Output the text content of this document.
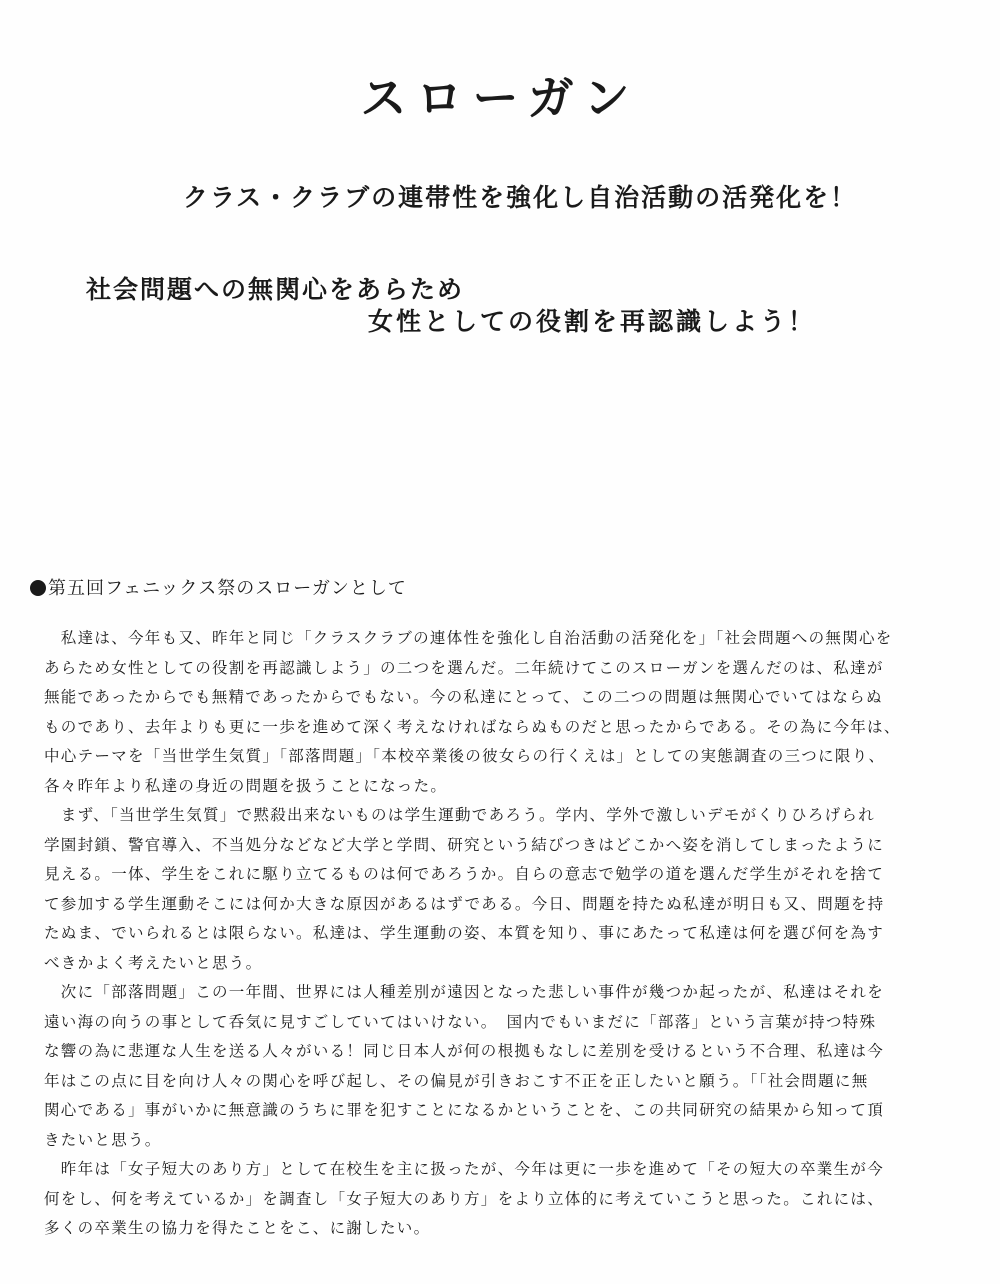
スローガン
クラス・クラブの連帯性を強化し自治活動の活発化を！
社会問題への無関心をあらため
女性としての役割を再認識しよう！
第五回フェニックス祭のスローガンとして
　私達は、今年も又、昨年と同じ「クラスクラブの連体性を強化し自治活動の活発化を」「社会問題への無関心を
あらため女性としての役割を再認識しよう」の二つを選んだ。二年続けてこのスローガンを選んだのは、私達が
無能であったからでも無精であったからでもない。今の私達にとって、この二つの問題は無関心でいてはならぬ
ものであり、去年よりも更に一歩を進めて深く考えなければならぬものだと思ったからである。その為に今年は、
中心テーマを「当世学生気質」「部落問題」「本校卒業後の彼女らの行くえは」としての実態調査の三つに限り、
各々昨年より私達の身近の問題を扱うことになった。
　まず、「当世学生気質」で黙殺出来ないものは学生運動であろう。学内、学外で激しいデモがくりひろげられ
学園封鎖、警官導入、不当処分などなど大学と学問、研究という結びつきはどこかへ姿を消してしまったように
見える。一体、学生をこれに駆り立てるものは何であろうか。自らの意志で勉学の道を選んだ学生がそれを捨て
て参加する学生運動そこには何か大きな原因があるはずである。今日、問題を持たぬ私達が明日も又、問題を持
たぬま、でいられるとは限らない。私達は、学生運動の姿、本質を知り、事にあたって私達は何を選び何を為す
べきかよく考えたいと思う。
　次に「部落問題」この一年間、世界には人種差別が遠因となった悲しい事件が幾つか起ったが、私達はそれを
遠い海の向うの事として呑気に見すごしていてはいけない。　国内でもいまだに「部落」という言葉が持つ特殊
な響の為に悲運な人生を送る人々がいる！同じ日本人が何の根拠もなしに差別を受けるという不合理、私達は今
年はこの点に目を向け人々の関心を呼び起し、その偏見が引きおこす不正を正したいと願う。「「社会問題に無
関心である」事がいかに無意識のうちに罪を犯すことになるかということを、この共同研究の結果から知って頂
きたいと思う。
　昨年は「女子短大のあり方」として在校生を主に扱ったが、今年は更に一歩を進めて「その短大の卒業生が今
何をし、何を考えているか」を調査し「女子短大のあり方」をより立体的に考えていこうと思った。これには、
多くの卒業生の協力を得たことをこ、に謝したい。
